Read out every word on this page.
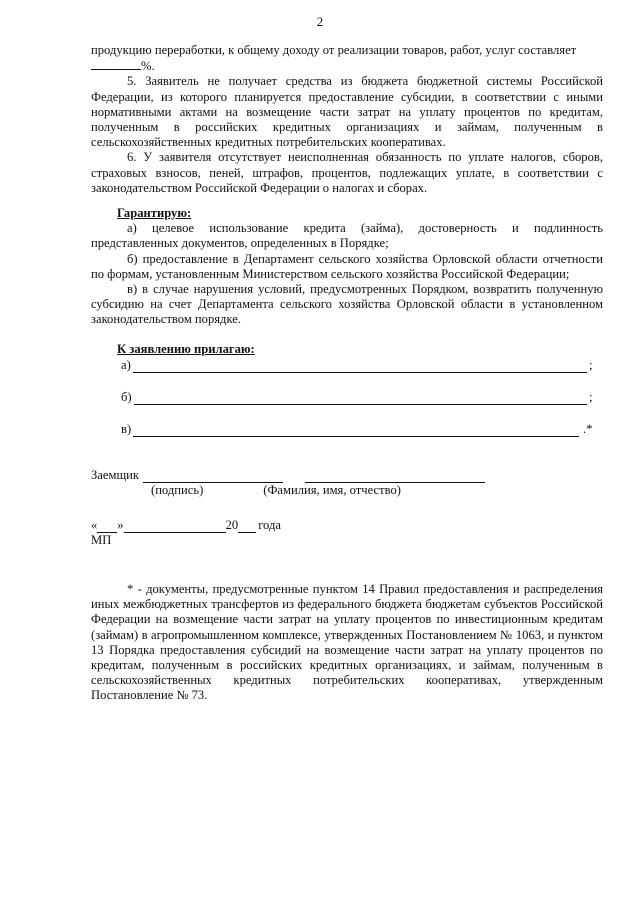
2

продукцию переработки, к общему доходу от реализации товаров, работ, услуг составляет

%.

5. Заявитель не получает средства из бюджета бюджетной системы Российской Федерации, из которого планируется предоставление субсидии, в соответствии с иными нормативными актами на возмещение части затрат на уплату процентов по кредитам, полученным в российских кредитных организациях и займам, полученным в сельскохозяйственных кредитных потребительских кооперативах.

6. У заявителя отсутствует неисполненная обязанность по уплате налогов, сборов, страховых взносов, пеней, штрафов, процентов, подлежащих уплате, в соответствии с законодательством Российской Федерации о налогах и сборах.

Гарантирую:

а) целевое использование кредита (займа), достоверность и подлинность представленных документов, определенных в Порядке;

б) предоставление в Департамент сельского хозяйства Орловской области отчетности по формам, установленным Министерством сельского хозяйства Российской Федерации;

в) в случае нарушения условий, предусмотренных Порядком, возвратить полученную субсидию на счет Департамента сельского хозяйства Орловской области в установленном законодательством порядке.

К заявлению прилагаю:

а)	;
б)	;
в)	.*
Заемщик
(подпись)	(Фамилия, имя, отчество)
« »	20 года

МП

* - документы, предусмотренные пунктом 14 Правил предоставления и распределения иных межбюджетных трансфертов из федерального бюджета бюджетам субъектов Российской Федерации на возмещение части затрат на уплату процентов по инвестиционным кредитам (займам) в агропромышленном комплексе, утвержденных Постановлением № 1063, и пунктом 13 Порядка предоставления субсидий на возмещение части затрат на уплату процентов по кредитам, полученным в российских кредитных организациях, и займам, полученным в сельскохозяйственных кредитных потребительских кооперативах, утвержденным Постановление № 73.
